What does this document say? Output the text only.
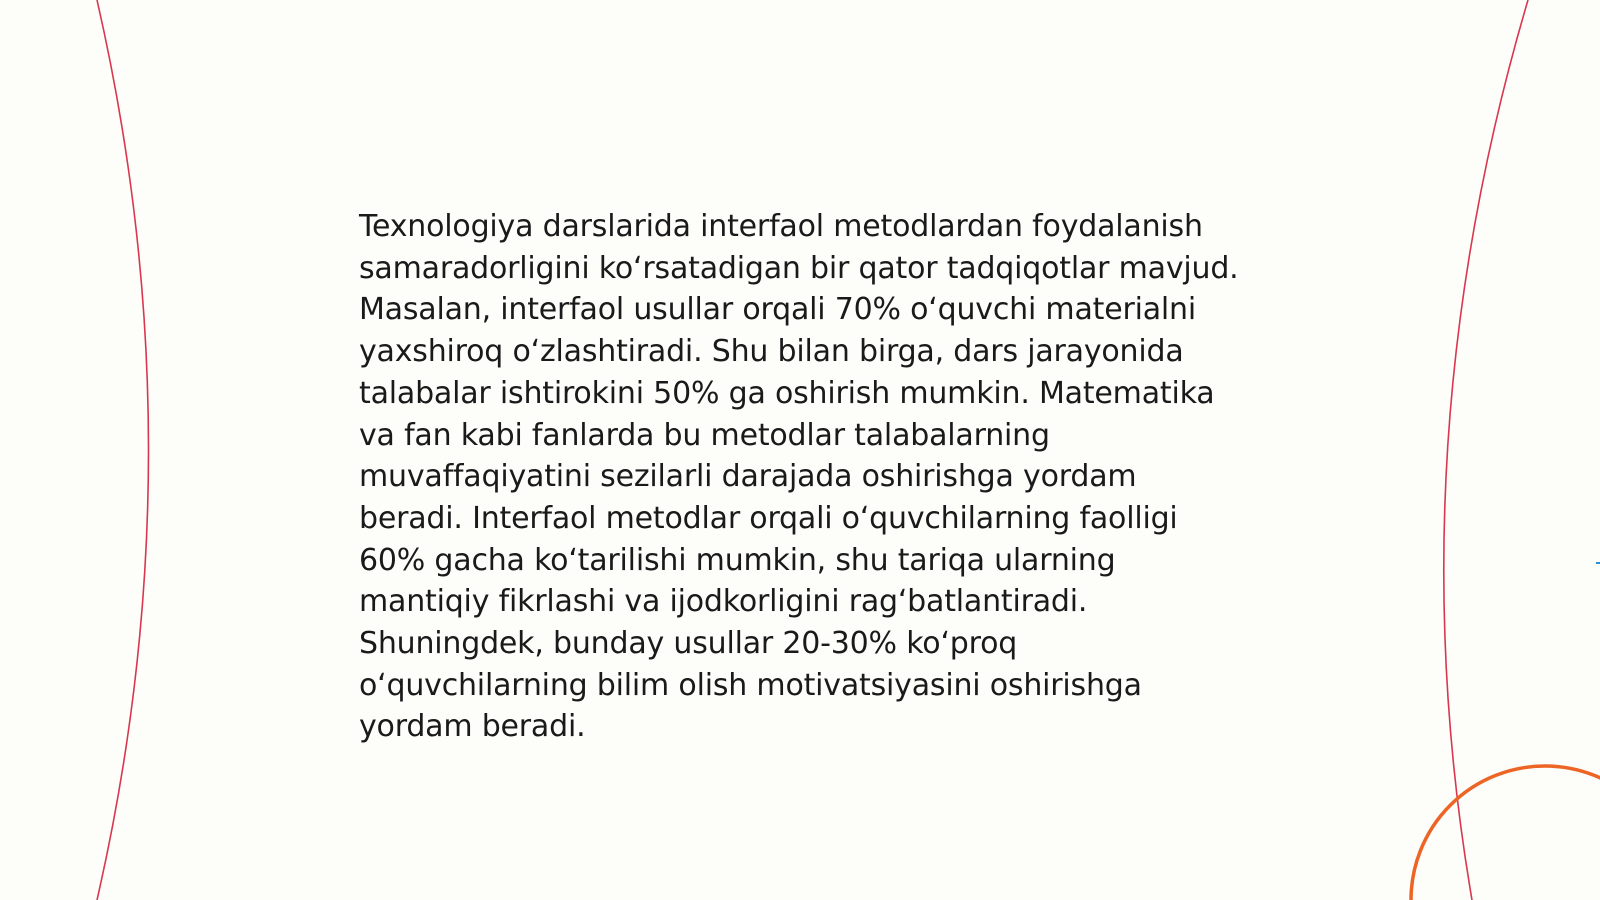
Texnologiya darslarida interfaol metodlardan foydalanish samaradorligini ko‘rsatadigan bir qator tadqiqotlar mavjud. Masalan, interfaol usullar orqali 70% o‘quvchi materialni yaxshiroq o‘zlashtiradi. Shu bilan birga, dars jarayonida talabalar ishtirokini 50% ga oshirish mumkin. Matematika va fan kabi fanlarda bu metodlar talabalarning muvaffaqiyatini sezilarli darajada oshirishga yordam beradi. Interfaol metodlar orqali o‘quvchilarning faolligi 60% gacha ko‘tarilishi mumkin, shu tariqa ularning mantiqiy fikrlashi va ijodkorligini rag‘batlantiradi. Shuningdek, bunday usullar 20-30% ko‘proq o‘quvchilarning bilim olish motivatsiyasini oshirishga yordam beradi.
